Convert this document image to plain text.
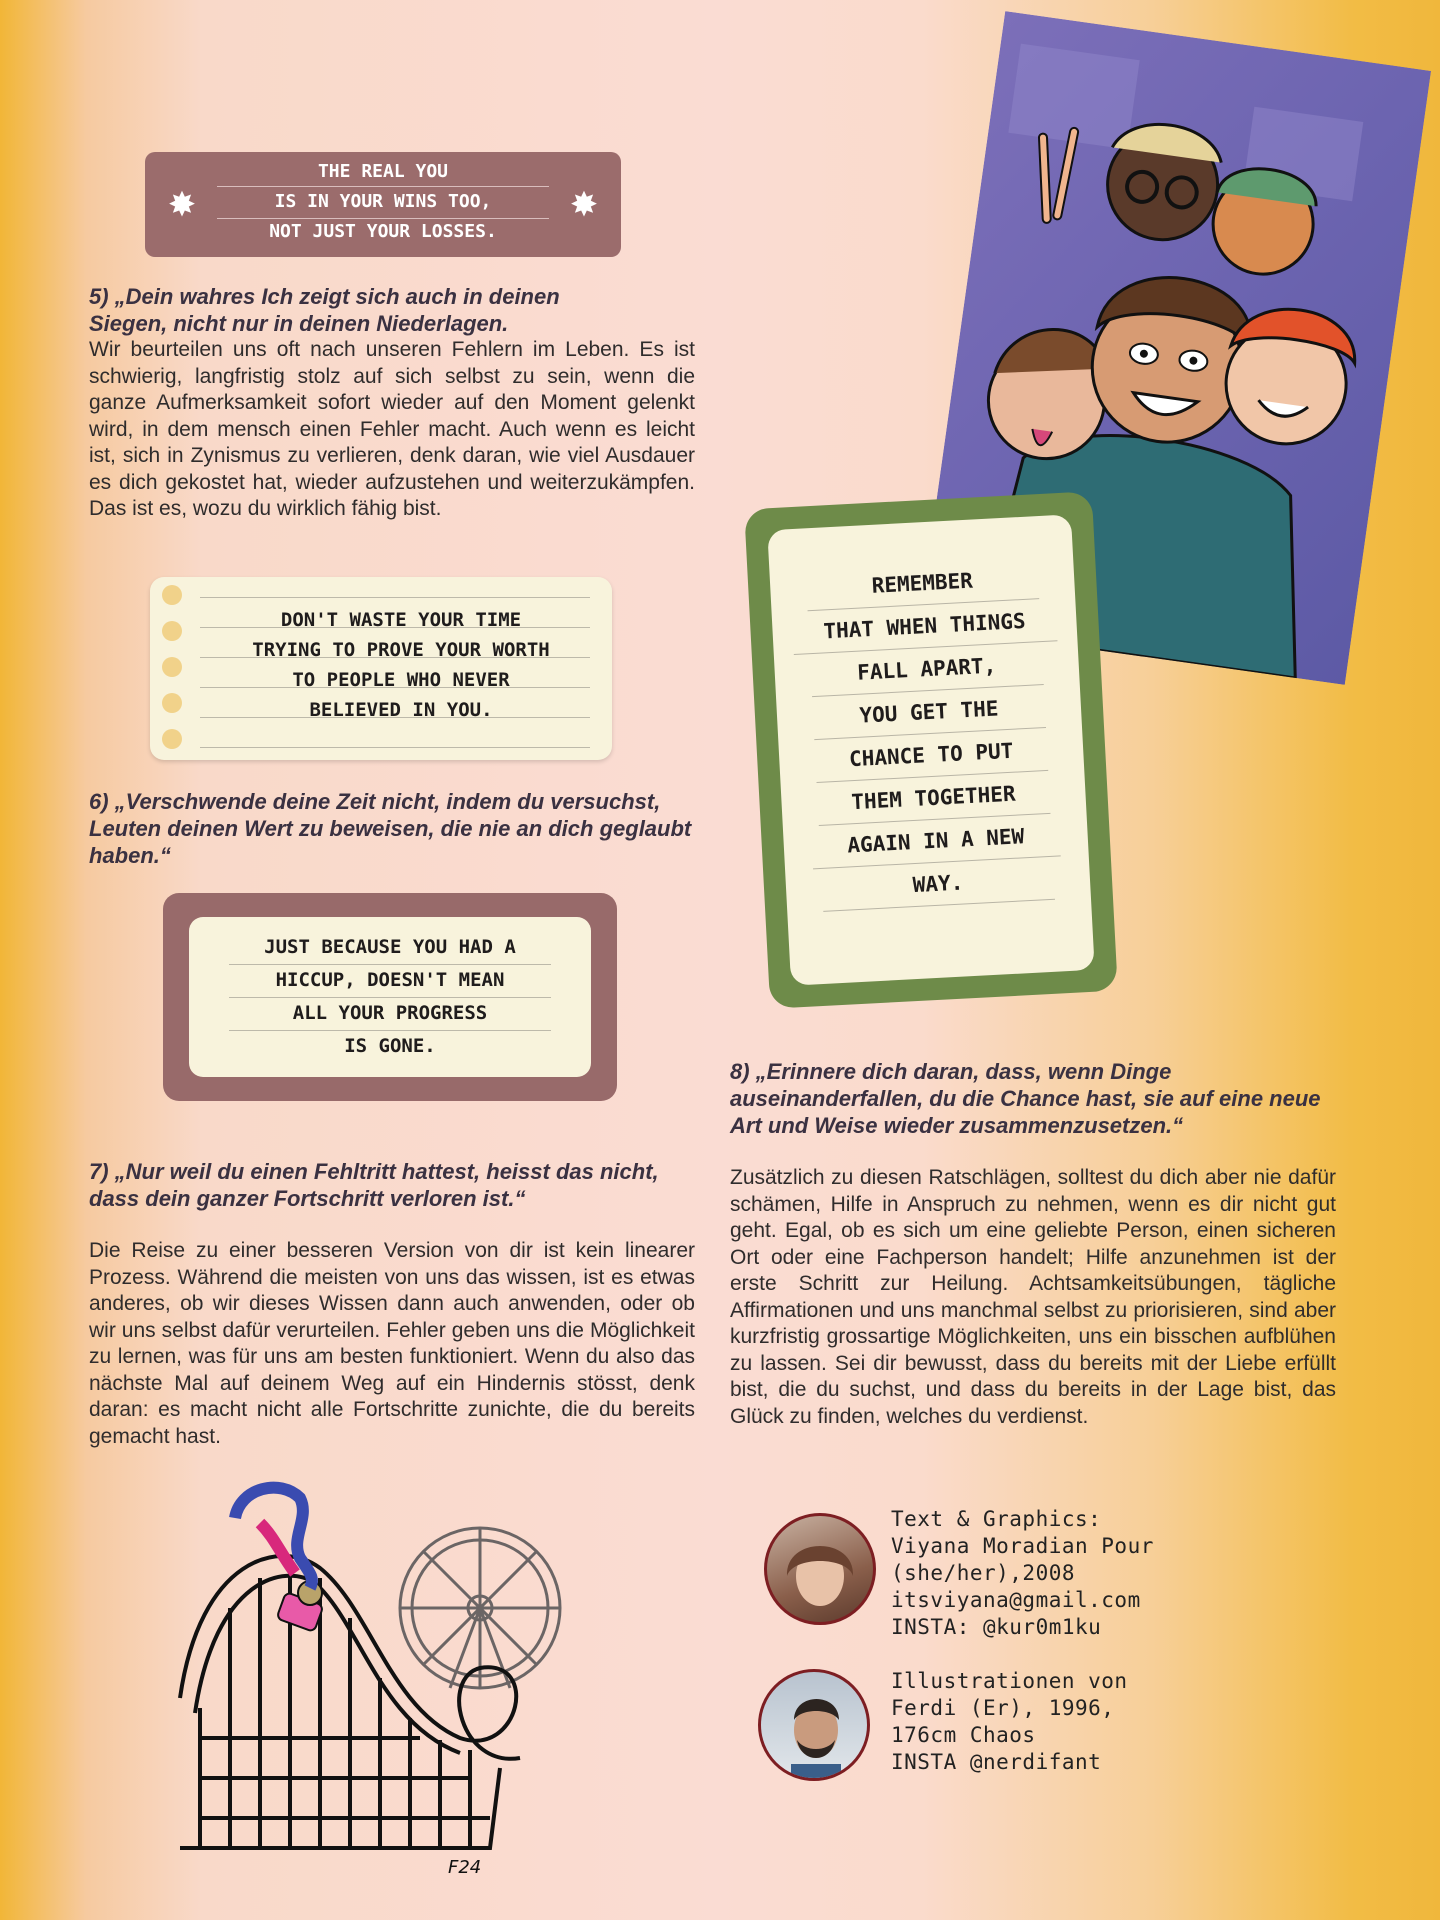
✸	✸
THE REAL YOU
IS IN YOUR WINS TOO,
NOT JUST YOUR LOSSES.

5) „Dein wahres Ich zeigt sich auch in deinen Siegen, nicht nur in deinen Niederlagen.

Wir beurteilen uns oft nach unseren Fehlern im Leben. Es ist schwierig, langfristig stolz auf sich selbst zu sein, wenn die ganze Aufmerksamkeit sofort wieder auf den Moment gelenkt wird, in dem mensch einen Fehler macht. Auch wenn es leicht ist, sich in Zynismus zu verlieren, denk daran, wie viel Ausdauer es dich gekostet hat, wieder aufzustehen und weiterzukämpfen. Das ist es, wozu du wirklich fähig bist.

DON'T WASTE YOUR TIME
TRYING TO PROVE YOUR WORTH
TO PEOPLE WHO NEVER
BELIEVED IN YOU.

6) „Verschwende deine Zeit nicht, indem du versuchst, Leuten deinen Wert zu beweisen, die nie an dich geglaubt haben.“

JUST BECAUSE YOU HAD A
HICCUP, DOESN'T MEAN
ALL YOUR PROGRESS
IS GONE.

7) „Nur weil du einen Fehltritt hattest, heisst das nicht, dass dein ganzer Fortschritt verloren ist.“

Die Reise zu einer besseren Version von dir ist kein linearer Prozess. Während die meisten von uns das wissen, ist es etwas anderes, ob wir dieses Wissen dann auch anwenden, oder ob wir uns selbst dafür verurteilen. Fehler geben uns die Möglichkeit zu lernen, was für uns am besten funktioniert. Wenn du also das nächste Mal auf deinem Weg auf ein Hindernis stösst, denk daran: es macht nicht alle Fortschritte zunichte, die du bereits gemacht hast.

F24
REMEMBER
THAT WHEN THINGS
FALL APART,
YOU GET THE
CHANCE TO PUT
THEM TOGETHER
AGAIN IN A NEW
WAY.

8) „Erinnere dich daran, dass, wenn Dinge auseinanderfallen, du die Chance hast, sie auf eine neue Art und Weise wieder zusammenzusetzen.“

Zusätzlich zu diesen Ratschlägen, solltest du dich aber nie dafür schämen, Hilfe in Anspruch zu nehmen, wenn es dir nicht gut geht. Egal, ob es sich um eine geliebte Person, einen sicheren Ort oder eine Fachperson handelt; Hilfe anzunehmen ist der erste Schritt zur Heilung. Achtsamkeitsübungen, tägliche Affirmationen und uns manchmal selbst zu priorisieren, sind aber kurzfristig grossartige Möglichkeiten, uns ein bisschen aufblühen zu lassen. Sei dir bewusst, dass du bereits mit der Liebe erfüllt bist, die du suchst, und dass du bereits in der Lage bist, das Glück zu finden, welches du verdienst.

Text & Graphics:
Viyana Moradian Pour
(she/her),2008
itsviyana@gmail.com
INSTA: @kur0m1ku
Illustrationen von
Ferdi (Er), 1996,
176cm Chaos
INSTA @nerdifant
